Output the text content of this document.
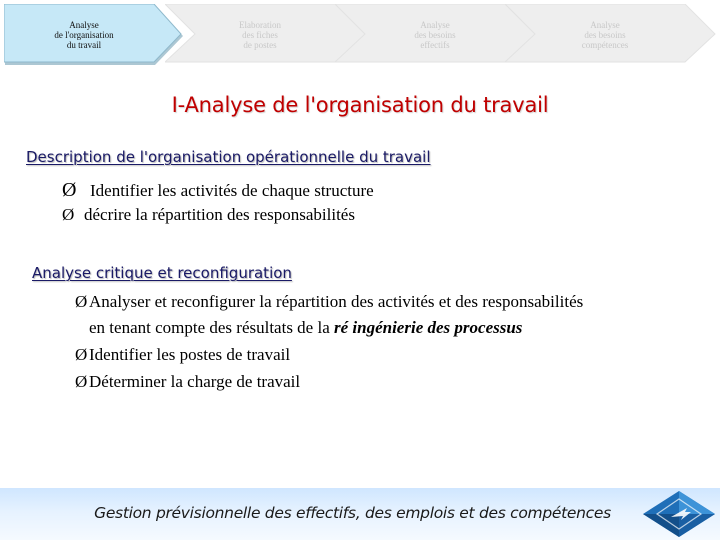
Analyse
de l'organisation
du travail
Elaboration
des fiches
de postes
Analyse
des besoins
effectifs
Analyse
des besoins
compétences
I-Analyse de l'organisation du travail
Description de l'organisation opérationnelle du travail
Ø Identifier les activités de chaque structure
Ø décrire la répartition des responsabilités
Analyse critique et reconfiguration
Ø Analyser et reconfigurer la répartition des activités et des responsabilités
en tenant compte des résultats de la ré ingénierie des processus
Ø Identifier les postes de travail
Ø Déterminer la charge de travail
Gestion prévisionnelle des effectifs, des emplois et des compétences
